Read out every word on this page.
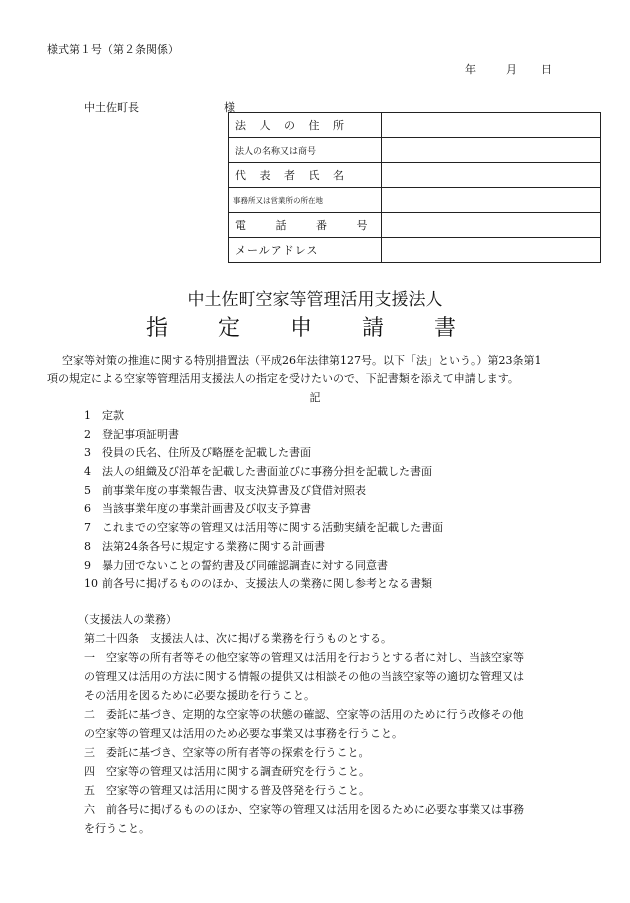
様式第１号（第２条関係）
年	月 日
中土佐町長	様
法 人 の 住 所	
法人の名称又は商号	
代 表 者 氏 名	
事務所又は営業所の所在地	
電 話 番 号	
メールアドレス	
中土佐町空家等管理活用支援法人
指定申請書
空家等対策の推進に関する特別措置法（平成26年法律第127号。以下「法」という。）第23条第1
項の規定による空家等管理活用支援法人の指定を受けたいので、下記書類を添えて申請します。
記
1 定款
2 登記事項証明書
3 役員の氏名、住所及び略歴を記載した書面
4 法人の組織及び沿革を記載した書面並びに事務分担を記載した書面
5 前事業年度の事業報告書、収支決算書及び貸借対照表
6 当該事業年度の事業計画書及び収支予算書
7 これまでの空家等の管理又は活用等に関する活動実績を記載した書面
8 法第24条各号に規定する業務に関する計画書
9 暴力団でないことの誓約書及び同確認調査に対する同意書
10 前各号に掲げるもののほか、支援法人の業務に関し参考となる書類
（支援法人の業務）
第二十四条　支援法人は、次に掲げる業務を行うものとする。
一　空家等の所有者等その他空家等の管理又は活用を行おうとする者に対し、当該空家等
の管理又は活用の方法に関する情報の提供又は相談その他の当該空家等の適切な管理又は
その活用を図るために必要な援助を行うこと。
二　委託に基づき、定期的な空家等の状態の確認、空家等の活用のために行う改修その他
の空家等の管理又は活用のため必要な事業又は事務を行うこと。
三　委託に基づき、空家等の所有者等の探索を行うこと。
四　空家等の管理又は活用に関する調査研究を行うこと。
五　空家等の管理又は活用に関する普及啓発を行うこと。
六　前各号に掲げるもののほか、空家等の管理又は活用を図るために必要な事業又は事務
を行うこと。
